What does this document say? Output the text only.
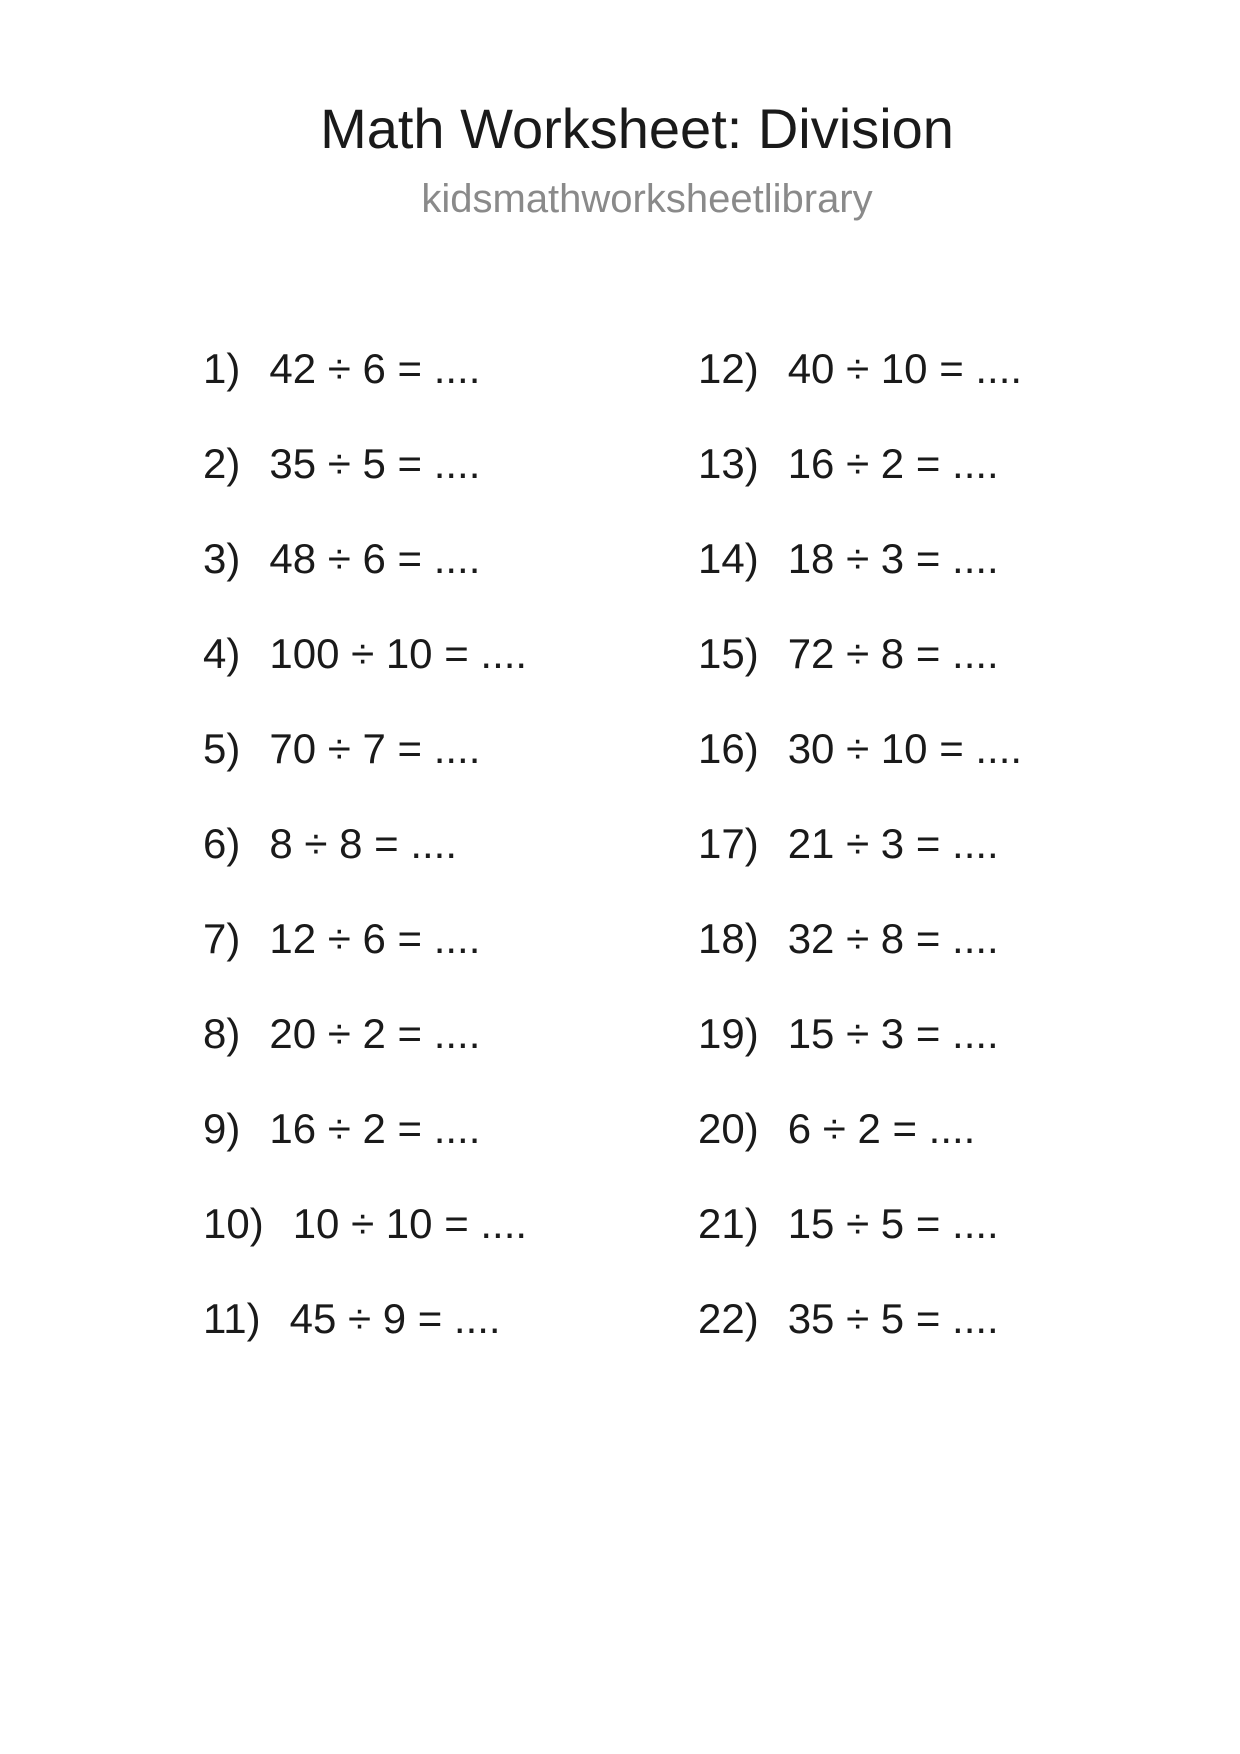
Math Worksheet: Division
kidsmathworksheetlibrary
1) 42 ÷ 6 = ....
2) 35 ÷ 5 = ....
3) 48 ÷ 6 = ....
4) 100 ÷ 10 = ....
5) 70 ÷ 7 = ....
6) 8 ÷ 8 = ....
7) 12 ÷ 6 = ....
8) 20 ÷ 2 = ....
9) 16 ÷ 2 = ....
10) 10 ÷ 10 = ....
11) 45 ÷ 9 = ....
12) 40 ÷ 10 = ....
13) 16 ÷ 2 = ....
14) 18 ÷ 3 = ....
15) 72 ÷ 8 = ....
16) 30 ÷ 10 = ....
17) 21 ÷ 3 = ....
18) 32 ÷ 8 = ....
19) 15 ÷ 3 = ....
20) 6 ÷ 2 = ....
21) 15 ÷ 5 = ....
22) 35 ÷ 5 = ....
